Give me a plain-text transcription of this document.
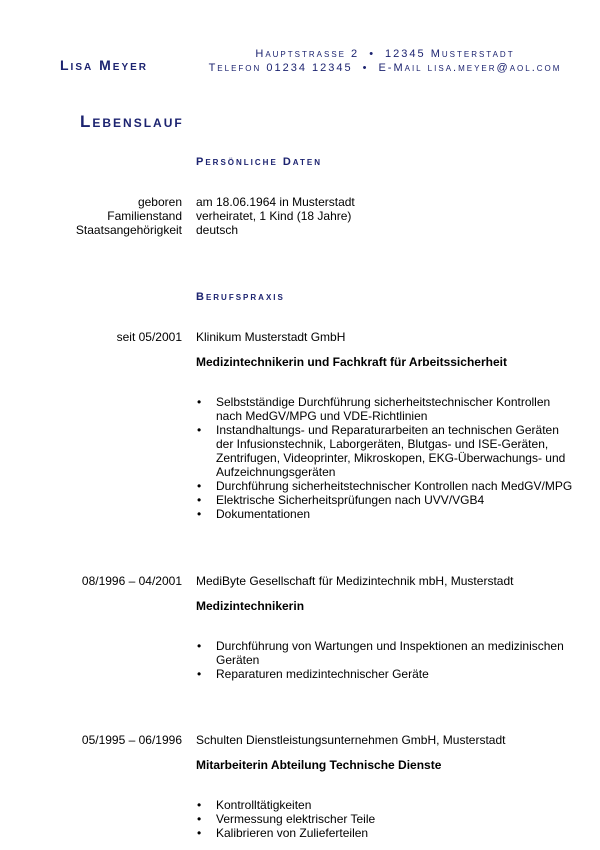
Lisa Meyer
Hauptstrasse 2 • 12345 Musterstadt
Telefon 01234 12345 • E-Mail lisa.meyer@aol.com
Lebenslauf
Persönliche Daten
geboren
Familienstand
Staatsangehörigkeit
am 18.06.1964 in Musterstadt
verheiratet, 1 Kind (18 Jahre)
deutsch
Berufspraxis
seit 05/2001 Klinikum Musterstadt GmbH
Medizintechnikerin und Fachkraft für Arbeitssicherheit
• Selbstständige Durchführung sicherheitstechnischer Kontrollen nach MedGV/MPG und VDE-Richtlinien
• Instandhaltungs- und Reparaturarbeiten an technischen Geräten der Infusionstechnik, Laborgeräten, Blutgas- und ISE-Geräten, Zentrifugen, Videoprinter, Mikroskopen, EKG-Überwachungs- und Aufzeichnungsgeräten
• Durchführung sicherheitstechnischer Kontrollen nach MedGV/MPG
• Elektrische Sicherheitsprüfungen nach UVV/VGB4
• Dokumentationen
08/1996 – 04/2001 MediByte Gesellschaft für Medizintechnik mbH, Musterstadt
Medizintechnikerin
• Durchführung von Wartungen und Inspektionen an medizinischen Geräten
• Reparaturen medizintechnischer Geräte
05/1995 – 06/1996 Schulten Dienstleistungsunternehmen GmbH, Musterstadt
Mitarbeiterin Abteilung Technische Dienste
• Kontrolltätigkeiten
• Vermessung elektrischer Teile
• Kalibrieren von Zulieferteilen
